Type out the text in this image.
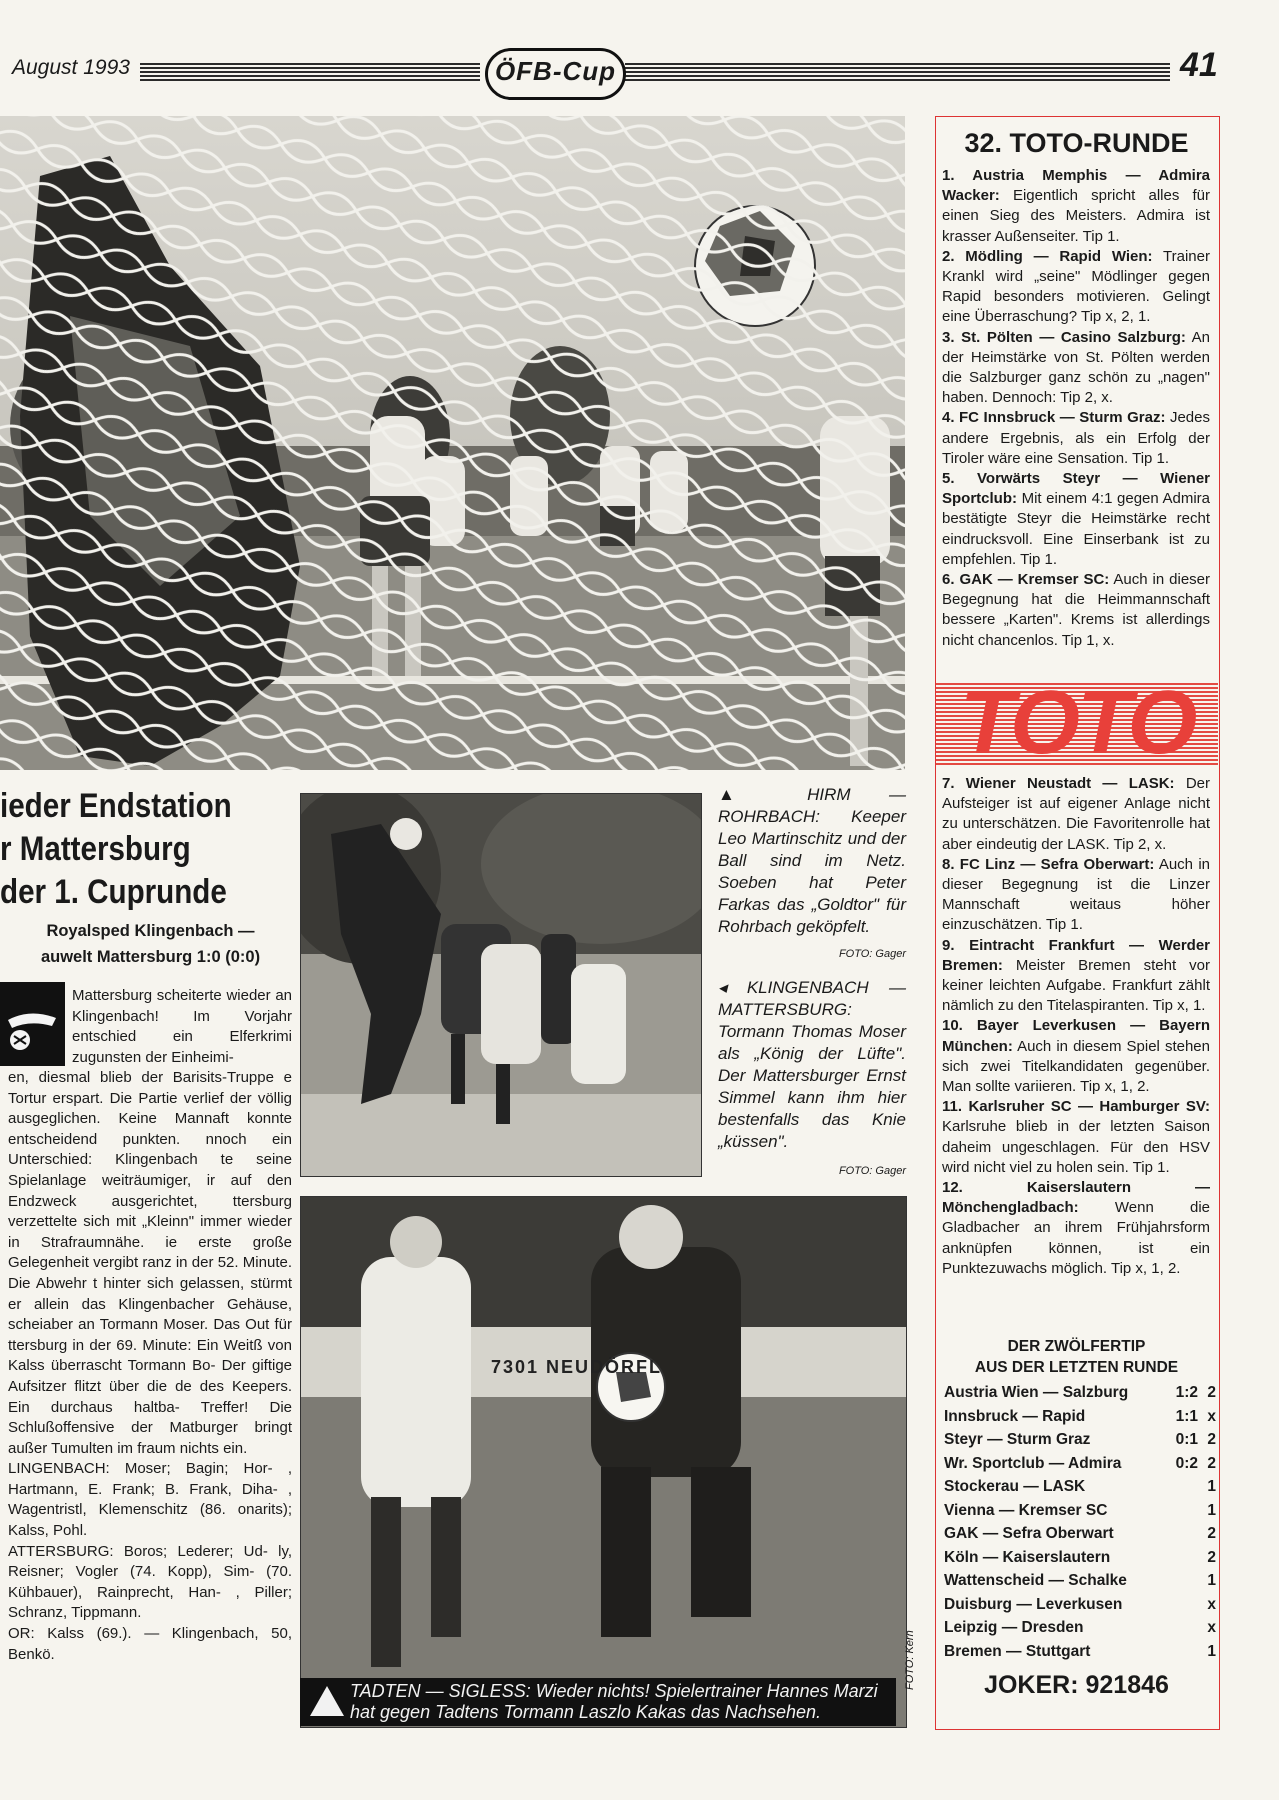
August 1993	ÖFB-Cup	41
ieder Endstation
r Mattersburg
der 1. Cuprunde
Royalsped Klingenbach —
auwelt Mattersburg 1:0 (0:0)

Mattersburg scheiterte wieder an Klingenbach! Im Vorjahr entschied ein Elferkrimi zugunsten der Einheimi-

en, diesmal blieb der Barisits-Truppe e Tortur erspart. Die Partie verlief der völlig ausgeglichen. Keine Mannaft konnte entscheidend punkten. nnoch ein Unterschied: Klingenbach te seine Spielanlage weiträumiger, ir auf den Endzweck ausgerichtet, ttersburg verzettelte sich mit „Kleinn" immer wieder in Strafraumnähe. ie erste große Gelegenheit vergibt ranz in der 52. Minute. Die Abwehr t hinter sich gelassen, stürmt er allein das Klingenbacher Gehäuse, scheiaber an Tormann Moser. Das Out für ttersburg in der 69. Minute: Ein Weitß von Kalss überrascht Tormann Bo- Der giftige Aufsitzer flitzt über die de des Keepers. Ein durchaus haltba- Treffer! Die Schlußoffensive der Matburger bringt außer Tumulten im fraum nichts ein.

LINGENBACH: Moser; Bagin; Hor- , Hartmann, E. Frank; B. Frank, Diha- , Wagentristl, Klemenschitz (86. onarits); Kalss, Pohl.

ATTERSBURG: Boros; Lederer; Ud- ly, Reisner; Vogler (74. Kopp), Sim- (70. Kühbauer), Rainprecht, Han- , Piller; Schranz, Tippmann.

OR: Kalss (69.). — Klingenbach, 50, Benkö.

▲ HIRM — ROHRBACH: Keeper Leo Martinschitz und der Ball sind im Netz. Soeben hat Peter Farkas das „Goldtor" für Rohrbach geköpfelt.
FOTO: Gager
◂ KLINGENBACH — MATTERSBURG: Tormann Thomas Moser als „König der Lüfte". Der Mattersburger Ernst Simmel kann ihm hier bestenfalls das Knie „küssen".
FOTO: Gager
7301 NEUDÖRFL
TADTEN — SIGLESS: Wieder nichts! Spielertrainer Hannes Marzi hat gegen Tadtens Tormann Laszlo Kakas das Nachsehen.
FOTO: Kern
32. TOTO-RUNDE

1. Austria Memphis — Admira Wacker: Eigentlich spricht alles für einen Sieg des Meisters. Admira ist krasser Außenseiter. Tip 1.

2. Mödling — Rapid Wien: Trainer Krankl wird „seine" Mödlinger gegen Rapid besonders motivieren. Gelingt eine Überraschung? Tip x, 2, 1.

3. St. Pölten — Casino Salzburg: An der Heimstärke von St. Pölten werden die Salzburger ganz schön zu „nagen" haben. Dennoch: Tip 2, x.

4. FC Innsbruck — Sturm Graz: Jedes andere Ergebnis, als ein Erfolg der Tiroler wäre eine Sensation. Tip 1.

5. Vorwärts Steyr — Wiener Sportclub: Mit einem 4:1 gegen Admira bestätigte Steyr die Heimstärke recht eindrucksvoll. Eine Einserbank ist zu empfehlen. Tip 1.

6. GAK — Kremser SC: Auch in dieser Begegnung hat die Heimmannschaft bessere „Karten". Krems ist allerdings nicht chancenlos. Tip 1, x.

TOTO

7. Wiener Neustadt — LASK: Der Aufsteiger ist auf eigener Anlage nicht zu unterschätzen. Die Favoritenrolle hat aber eindeutig der LASK. Tip 2, x.

8. FC Linz — Sefra Oberwart: Auch in dieser Begegnung ist die Linzer Mannschaft weitaus höher einzuschätzen. Tip 1.

9. Eintracht Frankfurt — Werder Bremen: Meister Bremen steht vor keiner leichten Aufgabe. Frankfurt zählt nämlich zu den Titelaspiranten. Tip x, 1.

10. Bayer Leverkusen — Bayern München: Auch in diesem Spiel stehen sich zwei Titelkandidaten gegenüber. Man sollte variieren. Tip x, 1, 2.

11. Karlsruher SC — Hamburger SV: Karlsruhe blieb in der letzten Saison daheim ungeschlagen. Für den HSV wird nicht viel zu holen sein. Tip 1.

12. Kaiserslautern — Mönchengladbach: Wenn die Gladbacher an ihrem Frühjahrsform anknüpfen können, ist ein Punktezuwachs möglich. Tip x, 1, 2.

DER ZWÖLFERTIP
AUS DER LETZTEN RUNDE
Austria Wien — Salzburg	1:2 2
Innsbruck — Rapid	1:1 x
Steyr — Sturm Graz	0:1 2
Wr. Sportclub — Admira	0:2 2
Stockerau — LASK	1
Vienna — Kremser SC	1
GAK — Sefra Oberwart	2
Köln — Kaiserslautern	2
Wattenscheid — Schalke	1
Duisburg — Leverkusen	x
Leipzig — Dresden	x
Bremen — Stuttgart	1
JOKER: 921846
